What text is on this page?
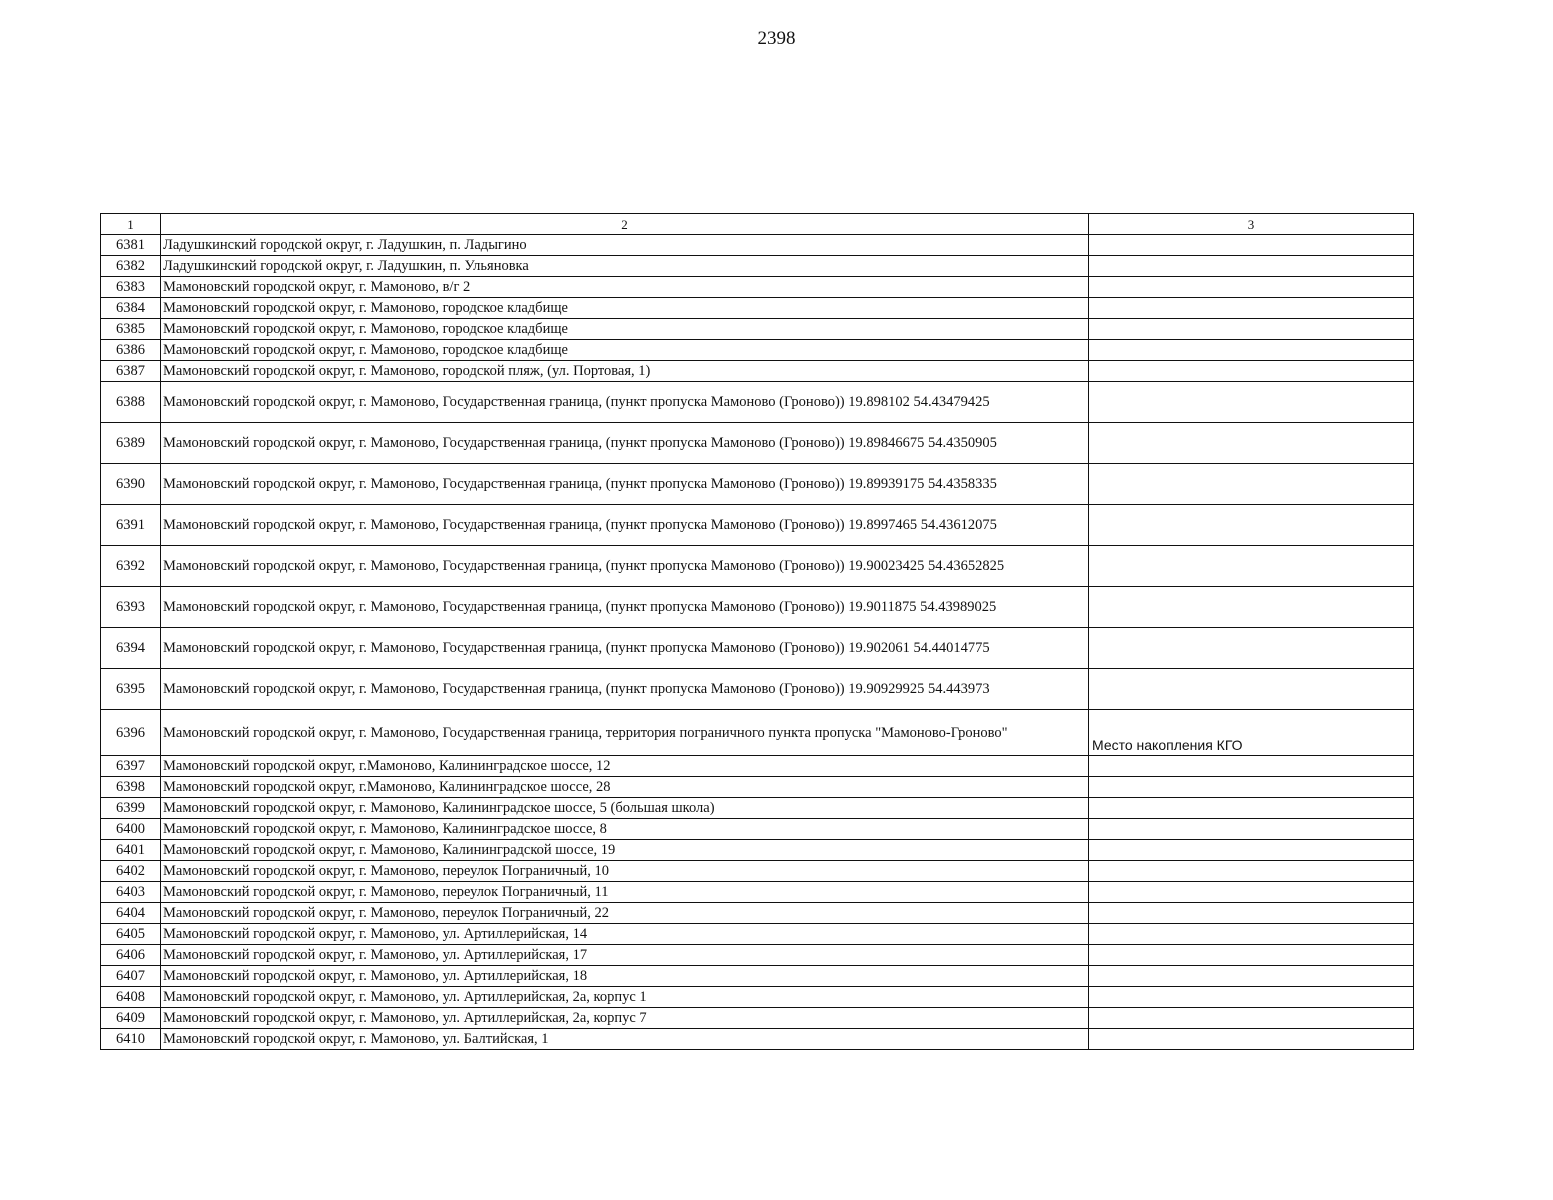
2398
1	2	3
6381	Ладушкинский городской округ, г. Ладушкин, п. Ладыгино	
6382	Ладушкинский городской округ, г. Ладушкин, п. Ульяновка	
6383	Мамоновский городской округ, г. Мамоново, в/г 2	
6384	Мамоновский городской округ, г. Мамоново, городское кладбище	
6385	Мамоновский городской округ, г. Мамоново, городское кладбище	
6386	Мамоновский городской округ, г. Мамоново, городское кладбище	
6387	Мамоновский городской округ, г. Мамоново, городской пляж, (ул. Портовая, 1)	
6388	Мамоновский городской округ, г. Мамоново, Государственная граница, (пункт пропуска Мамоново (Гроново)) 19.898102 54.43479425	
6389	Мамоновский городской округ, г. Мамоново, Государственная граница, (пункт пропуска Мамоново (Гроново)) 19.89846675 54.4350905	
6390	Мамоновский городской округ, г. Мамоново, Государственная граница, (пункт пропуска Мамоново (Гроново)) 19.89939175 54.4358335	
6391	Мамоновский городской округ, г. Мамоново, Государственная граница, (пункт пропуска Мамоново (Гроново)) 19.8997465 54.43612075	
6392	Мамоновский городской округ, г. Мамоново, Государственная граница, (пункт пропуска Мамоново (Гроново)) 19.90023425 54.43652825	
6393	Мамоновский городской округ, г. Мамоново, Государственная граница, (пункт пропуска Мамоново (Гроново)) 19.9011875 54.43989025	
6394	Мамоновский городской округ, г. Мамоново, Государственная граница, (пункт пропуска Мамоново (Гроново)) 19.902061 54.44014775	
6395	Мамоновский городской округ, г. Мамоново, Государственная граница, (пункт пропуска Мамоново (Гроново)) 19.90929925 54.443973	
6396	Мамоновский городской округ, г. Мамоново, Государственная граница, территория пограничного пункта пропуска "Мамоново-Гроново"	Место накопления КГО
6397	Мамоновский городской округ, г.Мамоново, Калининградское шоссе, 12	
6398	Мамоновский городской округ, г.Мамоново, Калининградское шоссе, 28	
6399	Мамоновский городской округ, г. Мамоново, Калининградское шоссе, 5 (большая школа)	
6400	Мамоновский городской округ, г. Мамоново, Калининградское шоссе, 8	
6401	Мамоновский городской округ, г. Мамоново, Калининградской шоссе, 19	
6402	Мамоновский городской округ, г. Мамоново, переулок Пограничный, 10	
6403	Мамоновский городской округ, г. Мамоново, переулок Пограничный, 11	
6404	Мамоновский городской округ, г. Мамоново, переулок Пограничный, 22	
6405	Мамоновский городской округ, г. Мамоново, ул. Артиллерийская, 14	
6406	Мамоновский городской округ, г. Мамоново, ул. Артиллерийская, 17	
6407	Мамоновский городской округ, г. Мамоново, ул. Артиллерийская, 18	
6408	Мамоновский городской округ, г. Мамоново, ул. Артиллерийская, 2а, корпус 1	
6409	Мамоновский городской округ, г. Мамоново, ул. Артиллерийская, 2а, корпус 7	
6410	Мамоновский городской округ, г. Мамоново, ул. Балтийская, 1	
